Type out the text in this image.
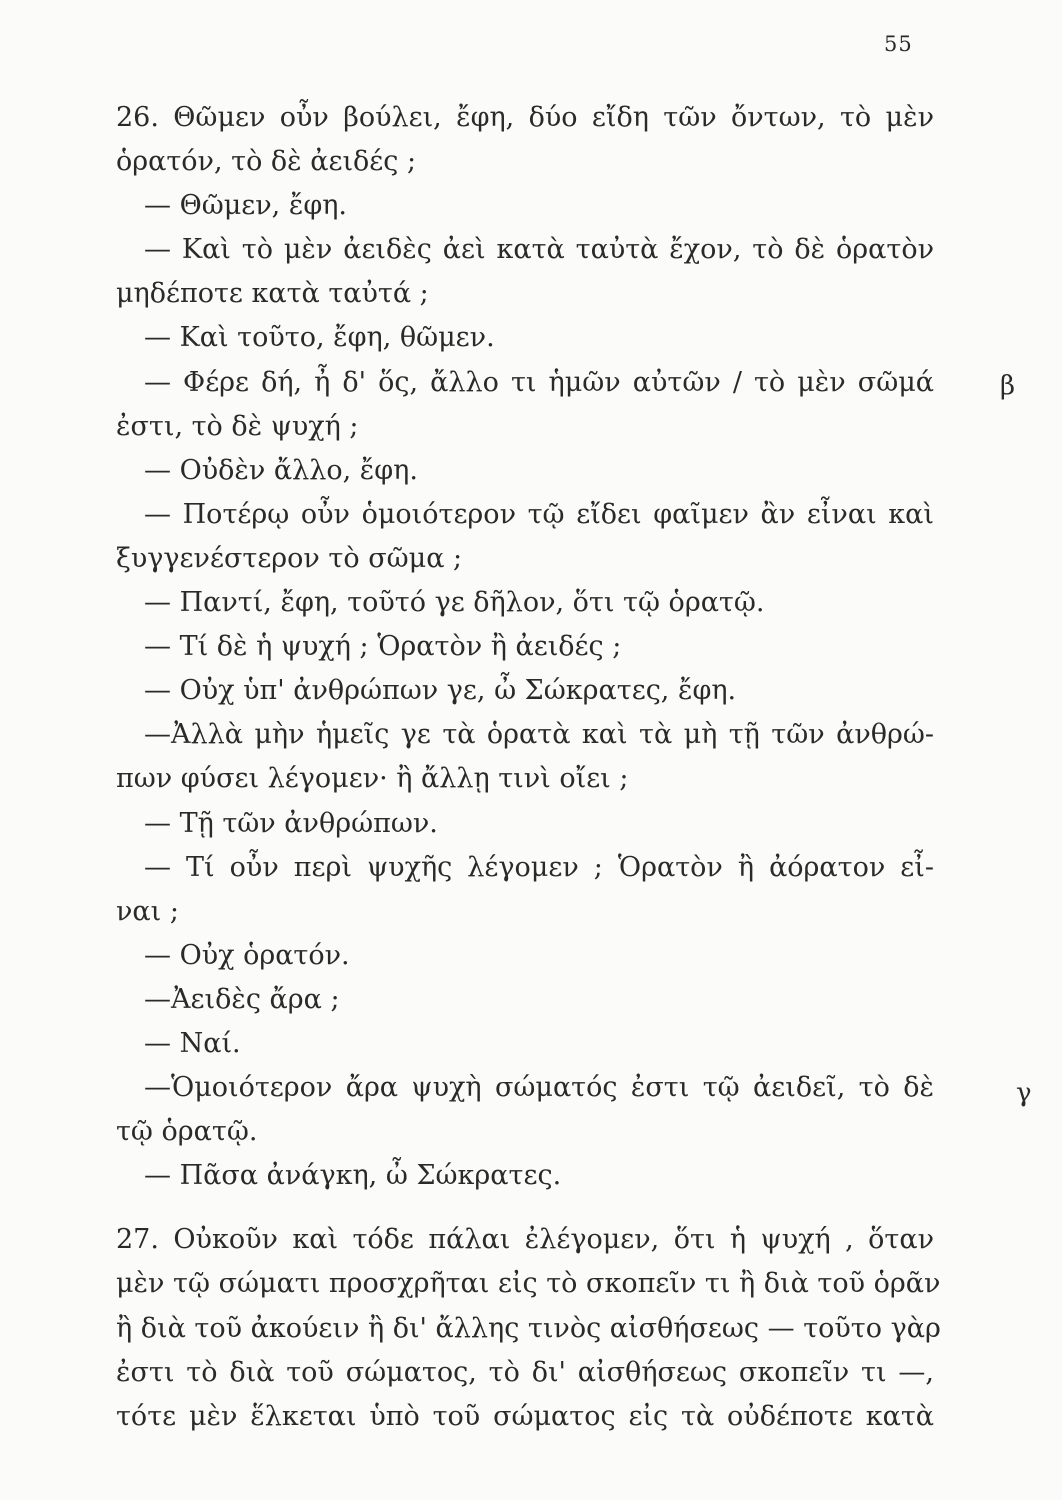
55
β
γ
26. Θῶμεν οὖν βούλει, ἔφη, δύο εἴδη τῶν ὄντων, τὸ μὲν
ὁρατόν, τὸ δὲ ἀειδές ;
— Θῶμεν, ἔφη.
— Καὶ τὸ μὲν ἀειδὲς ἀεὶ κατὰ ταὐτὰ ἔχον, τὸ δὲ ὁρατὸν
μηδέποτε κατὰ ταὐτά ;
— Καὶ τοῦτο, ἔφη, θῶμεν.
— Φέρε δή, ἦ δ' ὅς, ἄλλο τι ἡμῶν αὐτῶν / τὸ μὲν σῶμά
ἐστι, τὸ δὲ ψυχή ;
— Οὐδὲν ἄλλο, ἔφη.
— Ποτέρῳ οὖν ὁμοιότερον τῷ εἴδει φαῖμεν ἂν εἶναι καὶ
ξυγγενέστερον τὸ σῶμα ;
— Παντί, ἔφη, τοῦτό γε δῆλον, ὅτι τῷ ὁρατῷ.
— Τί δὲ ἡ ψυχή ; Ὁρατὸν ἢ ἀειδές ;
— Οὐχ ὑπ' ἀνθρώπων γε, ὦ Σώκρατες, ἔφη.
—Ἀλλὰ μὴν ἡμεῖς γε τὰ ὁρατὰ καὶ τὰ μὴ τῇ τῶν ἀνθρώ-
πων φύσει λέγομεν· ἢ ἄλλῃ τινὶ οἴει ;
— Τῇ τῶν ἀνθρώπων.
— Τί οὖν περὶ ψυχῆς λέγομεν ; Ὁρατὸν ἢ ἀόρατον εἶ-
ναι ;
— Οὐχ ὁρατόν.
—Ἀειδὲς ἄρα ;
— Ναί.
—Ὁμοιότερον ἄρα ψυχὴ σώματός ἐστι τῷ ἀειδεῖ, τὸ δὲ
τῷ ὁρατῷ.
— Πᾶσα ἀνάγκη, ὦ Σώκρατες.
27. Οὐκοῦν καὶ τόδε πάλαι ἐλέγομεν, ὅτι ἡ ψυχή , ὅταν
μὲν τῷ σώματι προσχρῆται εἰς τὸ σκοπεῖν τι ἢ διὰ τοῦ ὁρᾶν
ἢ διὰ τοῦ ἀκούειν ἢ δι' ἄλλης τινὸς αἰσθήσεως — τοῦτο γὰρ
ἐστι τὸ διὰ τοῦ σώματος, τὸ δι' αἰσθήσεως σκοπεῖν τι —,
τότε μὲν ἕλκεται ὑπὸ τοῦ σώματος εἰς τὰ οὐδέποτε κατὰ
